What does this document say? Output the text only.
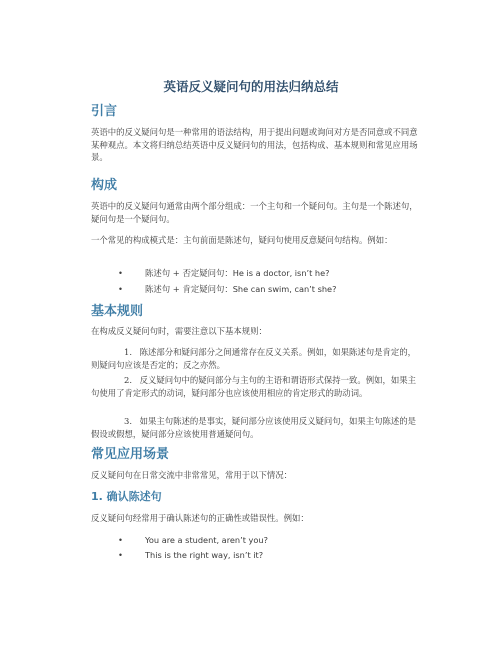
英语反义疑问句的用法归纳总结
引言
英语中的反义疑问句是一种常用的语法结构，用于提出问题或询问对方是否同意或不同意某种观点。本文将归纳总结英语中反义疑问句的用法，包括构成、基本规则和常见应用场景。
构成
英语中的反义疑问句通常由两个部分组成：一个主句和一个疑问句。主句是一个陈述句，疑问句是一个疑问句。
一个常见的构成模式是：主句前面是陈述句，疑问句使用反意疑问句结构。例如：
•	陈述句 + 否定疑问句：He is a doctor, isn’t he?
•	陈述句 + 肯定疑问句：She can swim, can’t she?
基本规则
在构成反义疑问句时，需要注意以下基本规则：
1. 陈述部分和疑问部分之间通常存在反义关系。例如，如果陈述句是肯定的，则疑问句应该是否定的；反之亦然。
2. 反义疑问句中的疑问部分与主句的主语和谓语形式保持一致。例如，如果主句使用了肯定形式的动词，疑问部分也应该使用相应的肯定形式的助动词。
3. 如果主句陈述的是事实，疑问部分应该使用反义疑问句，如果主句陈述的是假设或假想，疑问部分应该使用普通疑问句。
常见应用场景
反义疑问句在日常交流中非常常见，常用于以下情况：
1. 确认陈述句
反义疑问句经常用于确认陈述句的正确性或错误性。例如：
•	You are a student, aren’t you?
•	This is the right way, isn’t it?
